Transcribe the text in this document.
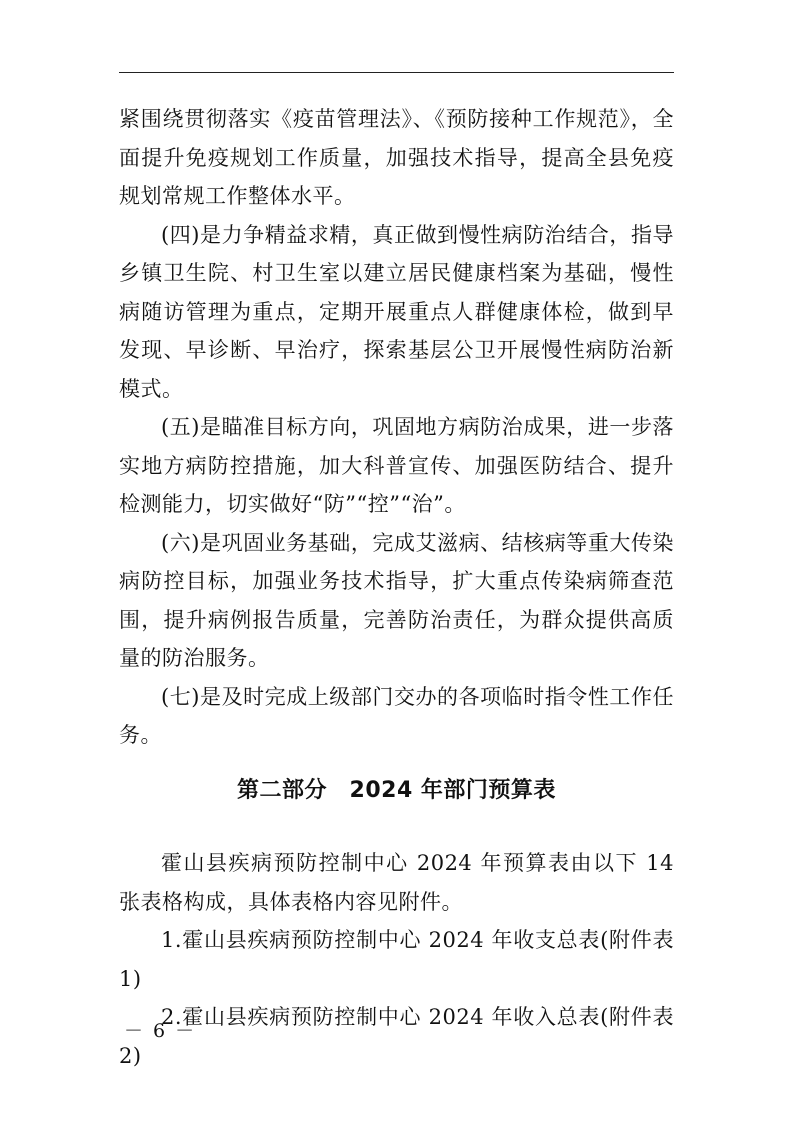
紧围绕贯彻落实《疫苗管理法》、《预防接种工作规范》，全面提升免疫规划工作质量，加强技术指导，提高全县免疫规划常规工作整体水平。

(四)是力争精益求精，真正做到慢性病防治结合，指导乡镇卫生院、村卫生室以建立居民健康档案为基础，慢性病随访管理为重点，定期开展重点人群健康体检，做到早发现、早诊断、早治疗，探索基层公卫开展慢性病防治新模式。

(五)是瞄准目标方向，巩固地方病防治成果，进一步落实地方病防控措施，加大科普宣传、加强医防结合、提升检测能力，切实做好“防”“控”“治”。

(六)是巩固业务基础，完成艾滋病、结核病等重大传染病防控目标，加强业务技术指导，扩大重点传染病筛查范围，提升病例报告质量，完善防治责任，为群众提供高质量的防治服务。

(七)是及时完成上级部门交办的各项临时指令性工作任务。

第二部分　2024 年部门预算表

霍山县疾病预防控制中心 2024 年预算表由以下 14 张表格构成，具体表格内容见附件。

1.霍山县疾病预防控制中心 2024 年收支总表(附件表 1)

2.霍山县疾病预防控制中心 2024 年收入总表(附件表 2)

－ 6 －
